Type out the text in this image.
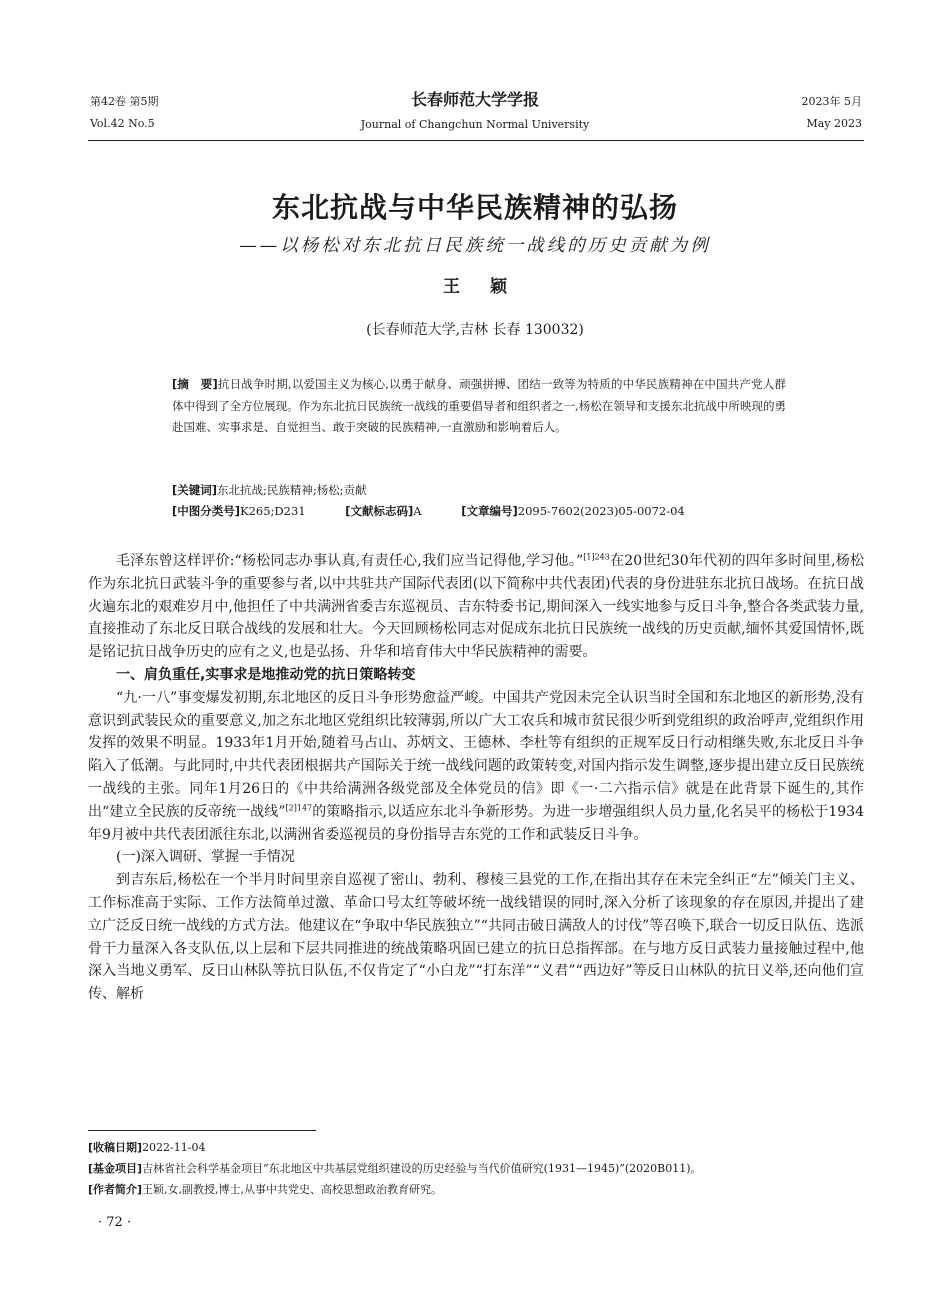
第42卷 第5期
Vol.42 No.5
长春师范大学学报
Journal of Changchun Normal University
2023年 5月
May 2023
东北抗战与中华民族精神的弘扬
——以杨松对东北抗日民族统一战线的历史贡献为例
王颖
(长春师范大学,吉林 长春 130032)
[摘　要]抗日战争时期,以爱国主义为核心,以勇于献身、顽强拼搏、团结一致等为特质的中华民族精神在中国共产党人群体中得到了全方位展现。作为东北抗日民族统一战线的重要倡导者和组织者之一,杨松在领导和支援东北抗战中所映现的勇赴国难、实事求是、自觉担当、敢于突破的民族精神,一直激励和影响着后人。
[关键词]东北抗战;民族精神;杨松;贡献
[中图分类号]K265;D231	[文献标志码]A	[文章编号]2095-7602(2023)05-0072-04

毛泽东曾这样评价:“杨松同志办事认真,有责任心,我们应当记得他,学习他。”$^{[1]243}$在20世纪30年代初的四年多时间里,杨松作为东北抗日武装斗争的重要参与者,以中共驻共产国际代表团(以下简称中共代表团)代表的身份进驻东北抗日战场。在抗日战火遍东北的艰难岁月中,他担任了中共满洲省委吉东巡视员、吉东特委书记,期间深入一线实地参与反日斗争,整合各类武装力量,直接推动了东北反日联合战线的发展和壮大。今天回顾杨松同志对促成东北抗日民族统一战线的历史贡献,缅怀其爱国情怀,既是铭记抗日战争历史的应有之义,也是弘扬、升华和培育伟大中华民族精神的需要。

一、肩负重任,实事求是地推动党的抗日策略转变

“九·一八”事变爆发初期,东北地区的反日斗争形势愈益严峻。中国共产党因未完全认识当时全国和东北地区的新形势,没有意识到武装民众的重要意义,加之东北地区党组织比较薄弱,所以广大工农兵和城市贫民很少听到党组织的政治呼声,党组织作用发挥的效果不明显。1933年1月开始,随着马占山、苏炳文、王德林、李杜等有组织的正规军反日行动相继失败,东北反日斗争陷入了低潮。与此同时,中共代表团根据共产国际关于统一战线问题的政策转变,对国内指示发生调整,逐步提出建立反日民族统一战线的主张。同年1月26日的《中共给满洲各级党部及全体党员的信》即《一·二六指示信》就是在此背景下诞生的,其作出“建立全民族的反帝统一战线”$^{[2]147}$的策略指示,以适应东北斗争新形势。为进一步增强组织人员力量,化名吴平的杨松于1934年9月被中共代表团派往东北,以满洲省委巡视员的身份指导吉东党的工作和武装反日斗争。

(一)深入调研、掌握一手情况

到吉东后,杨松在一个半月时间里亲自巡视了密山、勃利、穆棱三县党的工作,在指出其存在未完全纠正“左”倾关门主义、工作标准高于实际、工作方法简单过激、革命口号太红等破坏统一战线错误的同时,深入分析了该现象的存在原因,并提出了建立广泛反日统一战线的方式方法。他建议在“争取中华民族独立”“共同击破日满敌人的讨伐”等召唤下,联合一切反日队伍、选派骨干力量深入各支队伍,以上层和下层共同推进的统战策略巩固已建立的抗日总指挥部。在与地方反日武装力量接触过程中,他深入当地义勇军、反日山林队等抗日队伍,不仅肯定了“小白龙”“打东洋”“义君”“西边好”等反日山林队的抗日义举,还向他们宣传、解析

[收稿日期]2022-11-04
[基金项目]吉林省社会科学基金项目“东北地区中共基层党组织建设的历史经验与当代价值研究(1931—1945)”(2020B011)。
[作者简介]王颖,女,副教授,博士,从事中共党史、高校思想政治教育研究。
· 72 ·
